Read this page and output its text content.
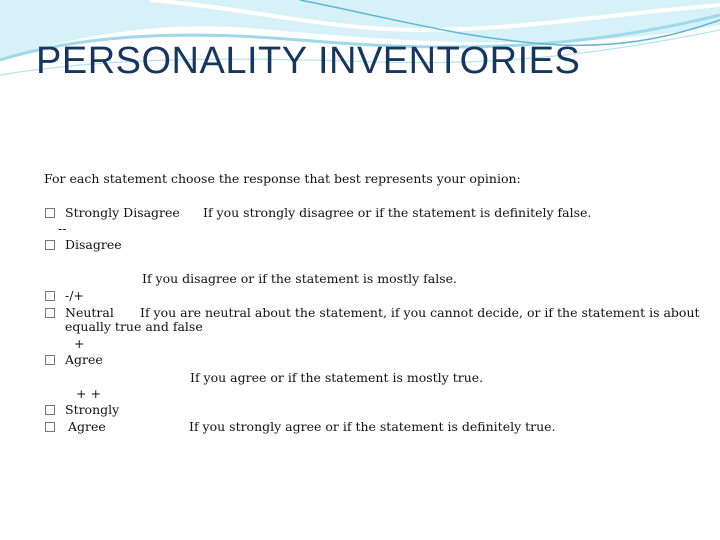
PERSONALITY INVENTORIES
For each statement choose the response that best represents your opinion:
Strongly Disagree If you strongly disagree or if the statement is definitely false.
--
Disagree
If you disagree or if the statement is mostly false.
-/+
Neutral If you are neutral about the statement, if you cannot decide, or if the statement is about
equally true and false
+
Agree
If you agree or if the statement is mostly true.
+ +
Strongly
Agree	If you strongly agree or if the statement is definitely true.
